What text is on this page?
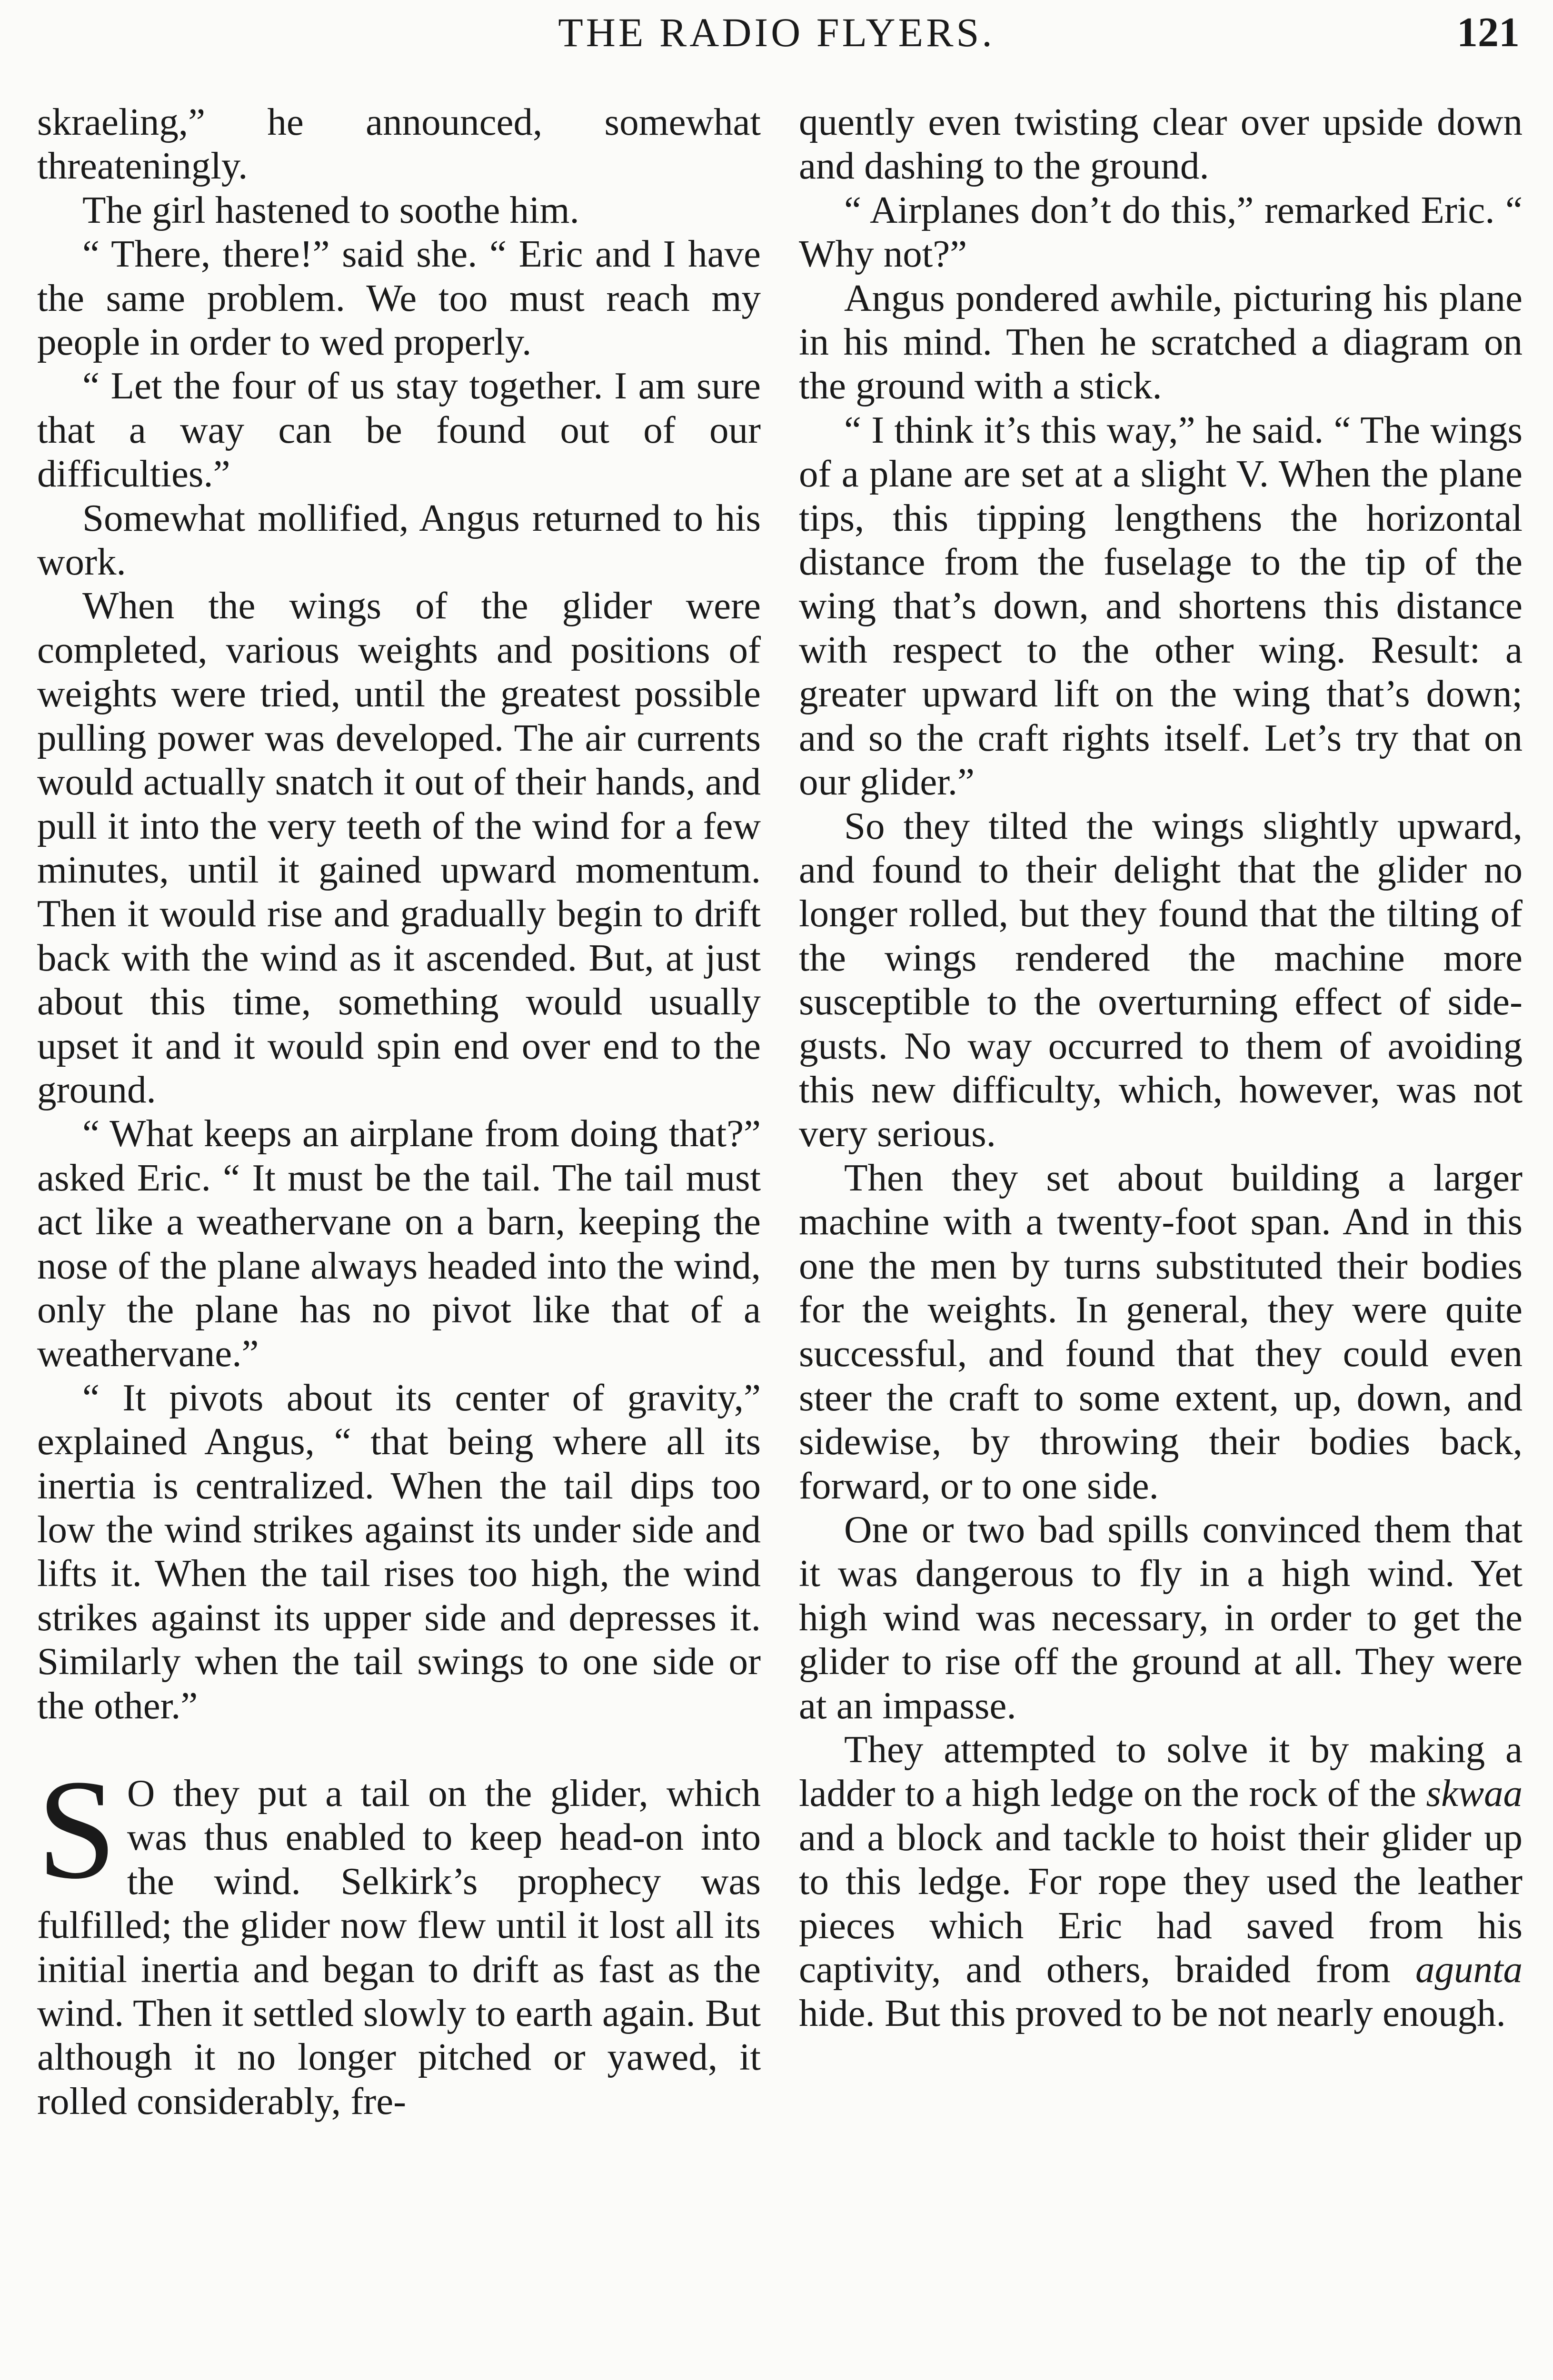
THE RADIO FLYERS.	121

skraeling,” he announced, somewhat threateningly.

The girl hastened to soothe him.

“ There, there!” said she. “ Eric and I have the same problem. We too must reach my people in order to wed properly.

“ Let the four of us stay together. I am sure that a way can be found out of our difficulties.”

Somewhat mollified, Angus returned to his work.

When the wings of the glider were completed, various weights and positions of weights were tried, until the greatest possible pulling power was developed. The air currents would actually snatch it out of their hands, and pull it into the very teeth of the wind for a few minutes, until it gained upward momentum. Then it would rise and gradually begin to drift back with the wind as it ascended. But, at just about this time, something would usually upset it and it would spin end over end to the ground.

“ What keeps an airplane from doing that?” asked Eric. “ It must be the tail. The tail must act like a weathervane on a barn, keeping the nose of the plane always headed into the wind, only the plane has no pivot like that of a weathervane.”

“ It pivots about its center of gravity,” explained Angus, “ that being where all its inertia is centralized. When the tail dips too low the wind strikes against its under side and lifts it. When the tail rises too high, the wind strikes against its upper side and depresses it. Similarly when the tail swings to one side or the other.”

S O they put a tail on the glider, which was thus enabled to keep head-on into the wind. Selkirk’s prophecy was fulfilled; the glider now flew until it lost all its initial inertia and began to drift as fast as the wind. Then it settled slowly to earth again. But although it no longer pitched or yawed, it rolled considerably, fre-

quently even twisting clear over upside down and dashing to the ground.

“ Airplanes don’t do this,” remarked Eric. “ Why not?”

Angus pondered awhile, picturing his plane in his mind. Then he scratched a diagram on the ground with a stick.

“ I think it’s this way,” he said. “ The wings of a plane are set at a slight V. When the plane tips, this tipping lengthens the horizontal distance from the fuselage to the tip of the wing that’s down, and shortens this distance with respect to the other wing. Result: a greater upward lift on the wing that’s down; and so the craft rights itself. Let’s try that on our glider.”

So they tilted the wings slightly upward, and found to their delight that the glider no longer rolled, but they found that the tilting of the wings rendered the machine more susceptible to the overturning effect of side-gusts. No way occurred to them of avoiding this new difficulty, which, however, was not very serious.

Then they set about building a larger machine with a twenty-foot span. And in this one the men by turns substituted their bodies for the weights. In general, they were quite successful, and found that they could even steer the craft to some extent, up, down, and sidewise, by throwing their bodies back, forward, or to one side.

One or two bad spills convinced them that it was dangerous to fly in a high wind. Yet high wind was necessary, in order to get the glider to rise off the ground at all. They were at an impasse.

They attempted to solve it by making a ladder to a high ledge on the rock of the skwaa and a block and tackle to hoist their glider up to this ledge. For rope they used the leather pieces which Eric had saved from his captivity, and others, braided from agunta hide. But this proved to be not nearly enough.
